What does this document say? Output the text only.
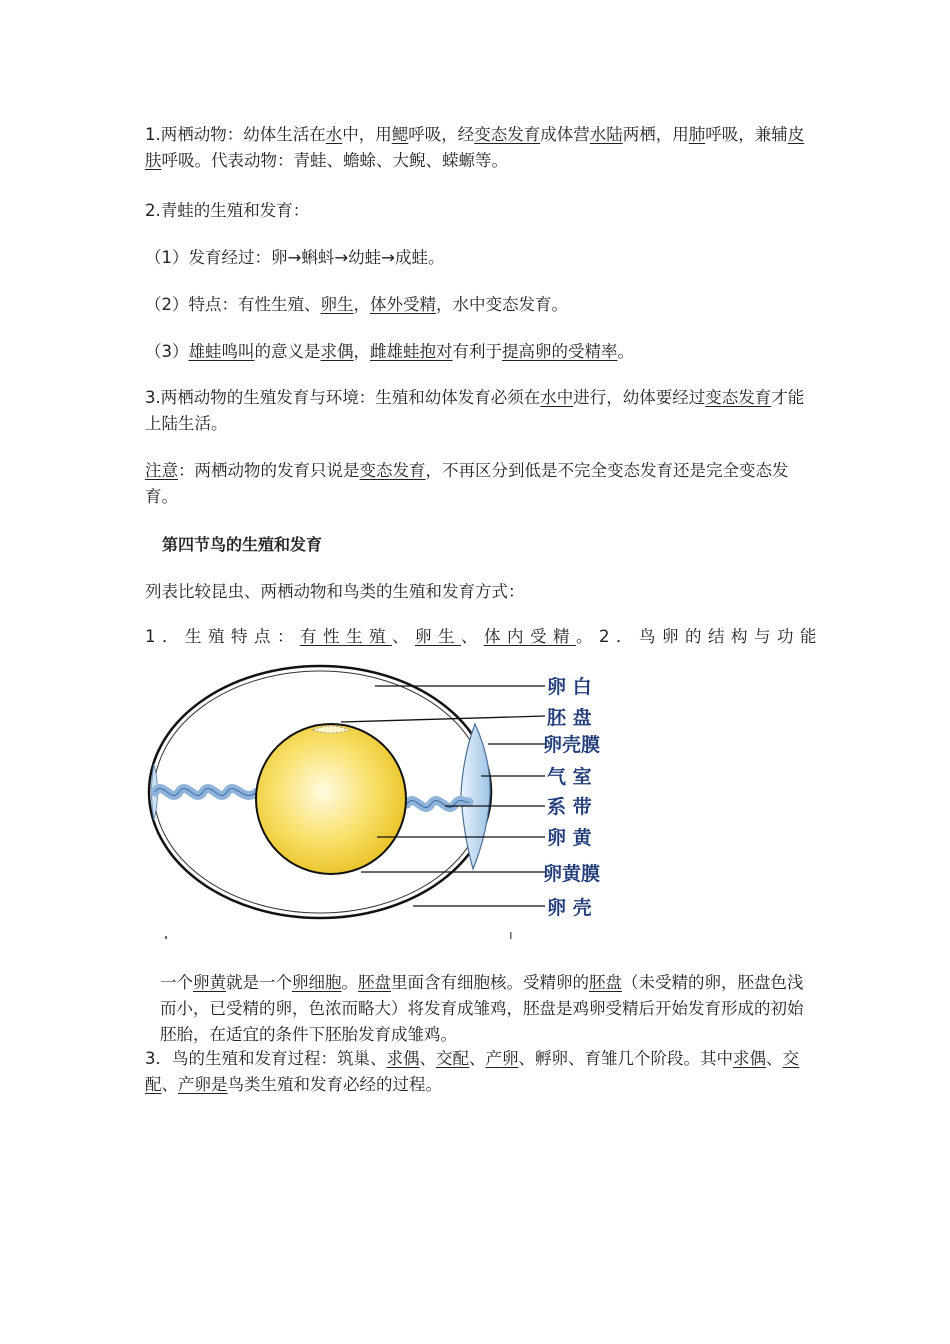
1.两栖动物：幼体生活在水中，用鳃呼吸，经变态发育成体营水陆两栖，用肺呼吸，兼辅皮肤呼吸。代表动物：青蛙、蟾蜍、大鲵、蝾螈等。

2.青蛙的生殖和发育：

（1）发育经过：卵→蝌蚪→幼蛙→成蛙。

（2）特点：有性生殖、卵生，体外受精，水中变态发育。

（3）雄蛙鸣叫的意义是求偶，雌雄蛙抱对有利于提高卵的受精率。

3.两栖动物的生殖发育与环境：生殖和幼体发育必须在水中进行，幼体要经过变态发育才能上陆生活。

注意：两栖动物的发育只说是变态发育，不再区分到低是不完全变态发育还是完全变态发育。

第四节鸟的生殖和发育

列表比较昆虫、两栖动物和鸟类的生殖和发育方式：

1．生殖特点：有性生殖、卵生、体内受精。2．鸟卵的结构与功能

卵 白
胚 盘
卵壳膜
气 室
系 带
卵 黄
卵黄膜
卵 壳

一个卵黄就是一个卵细胞。胚盘里面含有细胞核。受精卵的胚盘（未受精的卵，胚盘色浅而小，已受精的卵，色浓而略大）将发育成雏鸡，胚盘是鸡卵受精后开始发育形成的初始胚胎，在适宜的条件下胚胎发育成雏鸡。

3．鸟的生殖和发育过程：筑巢、求偶、交配、产卵、孵卵、育雏几个阶段。其中求偶、交配、产卵是鸟类生殖和发育必经的过程。
